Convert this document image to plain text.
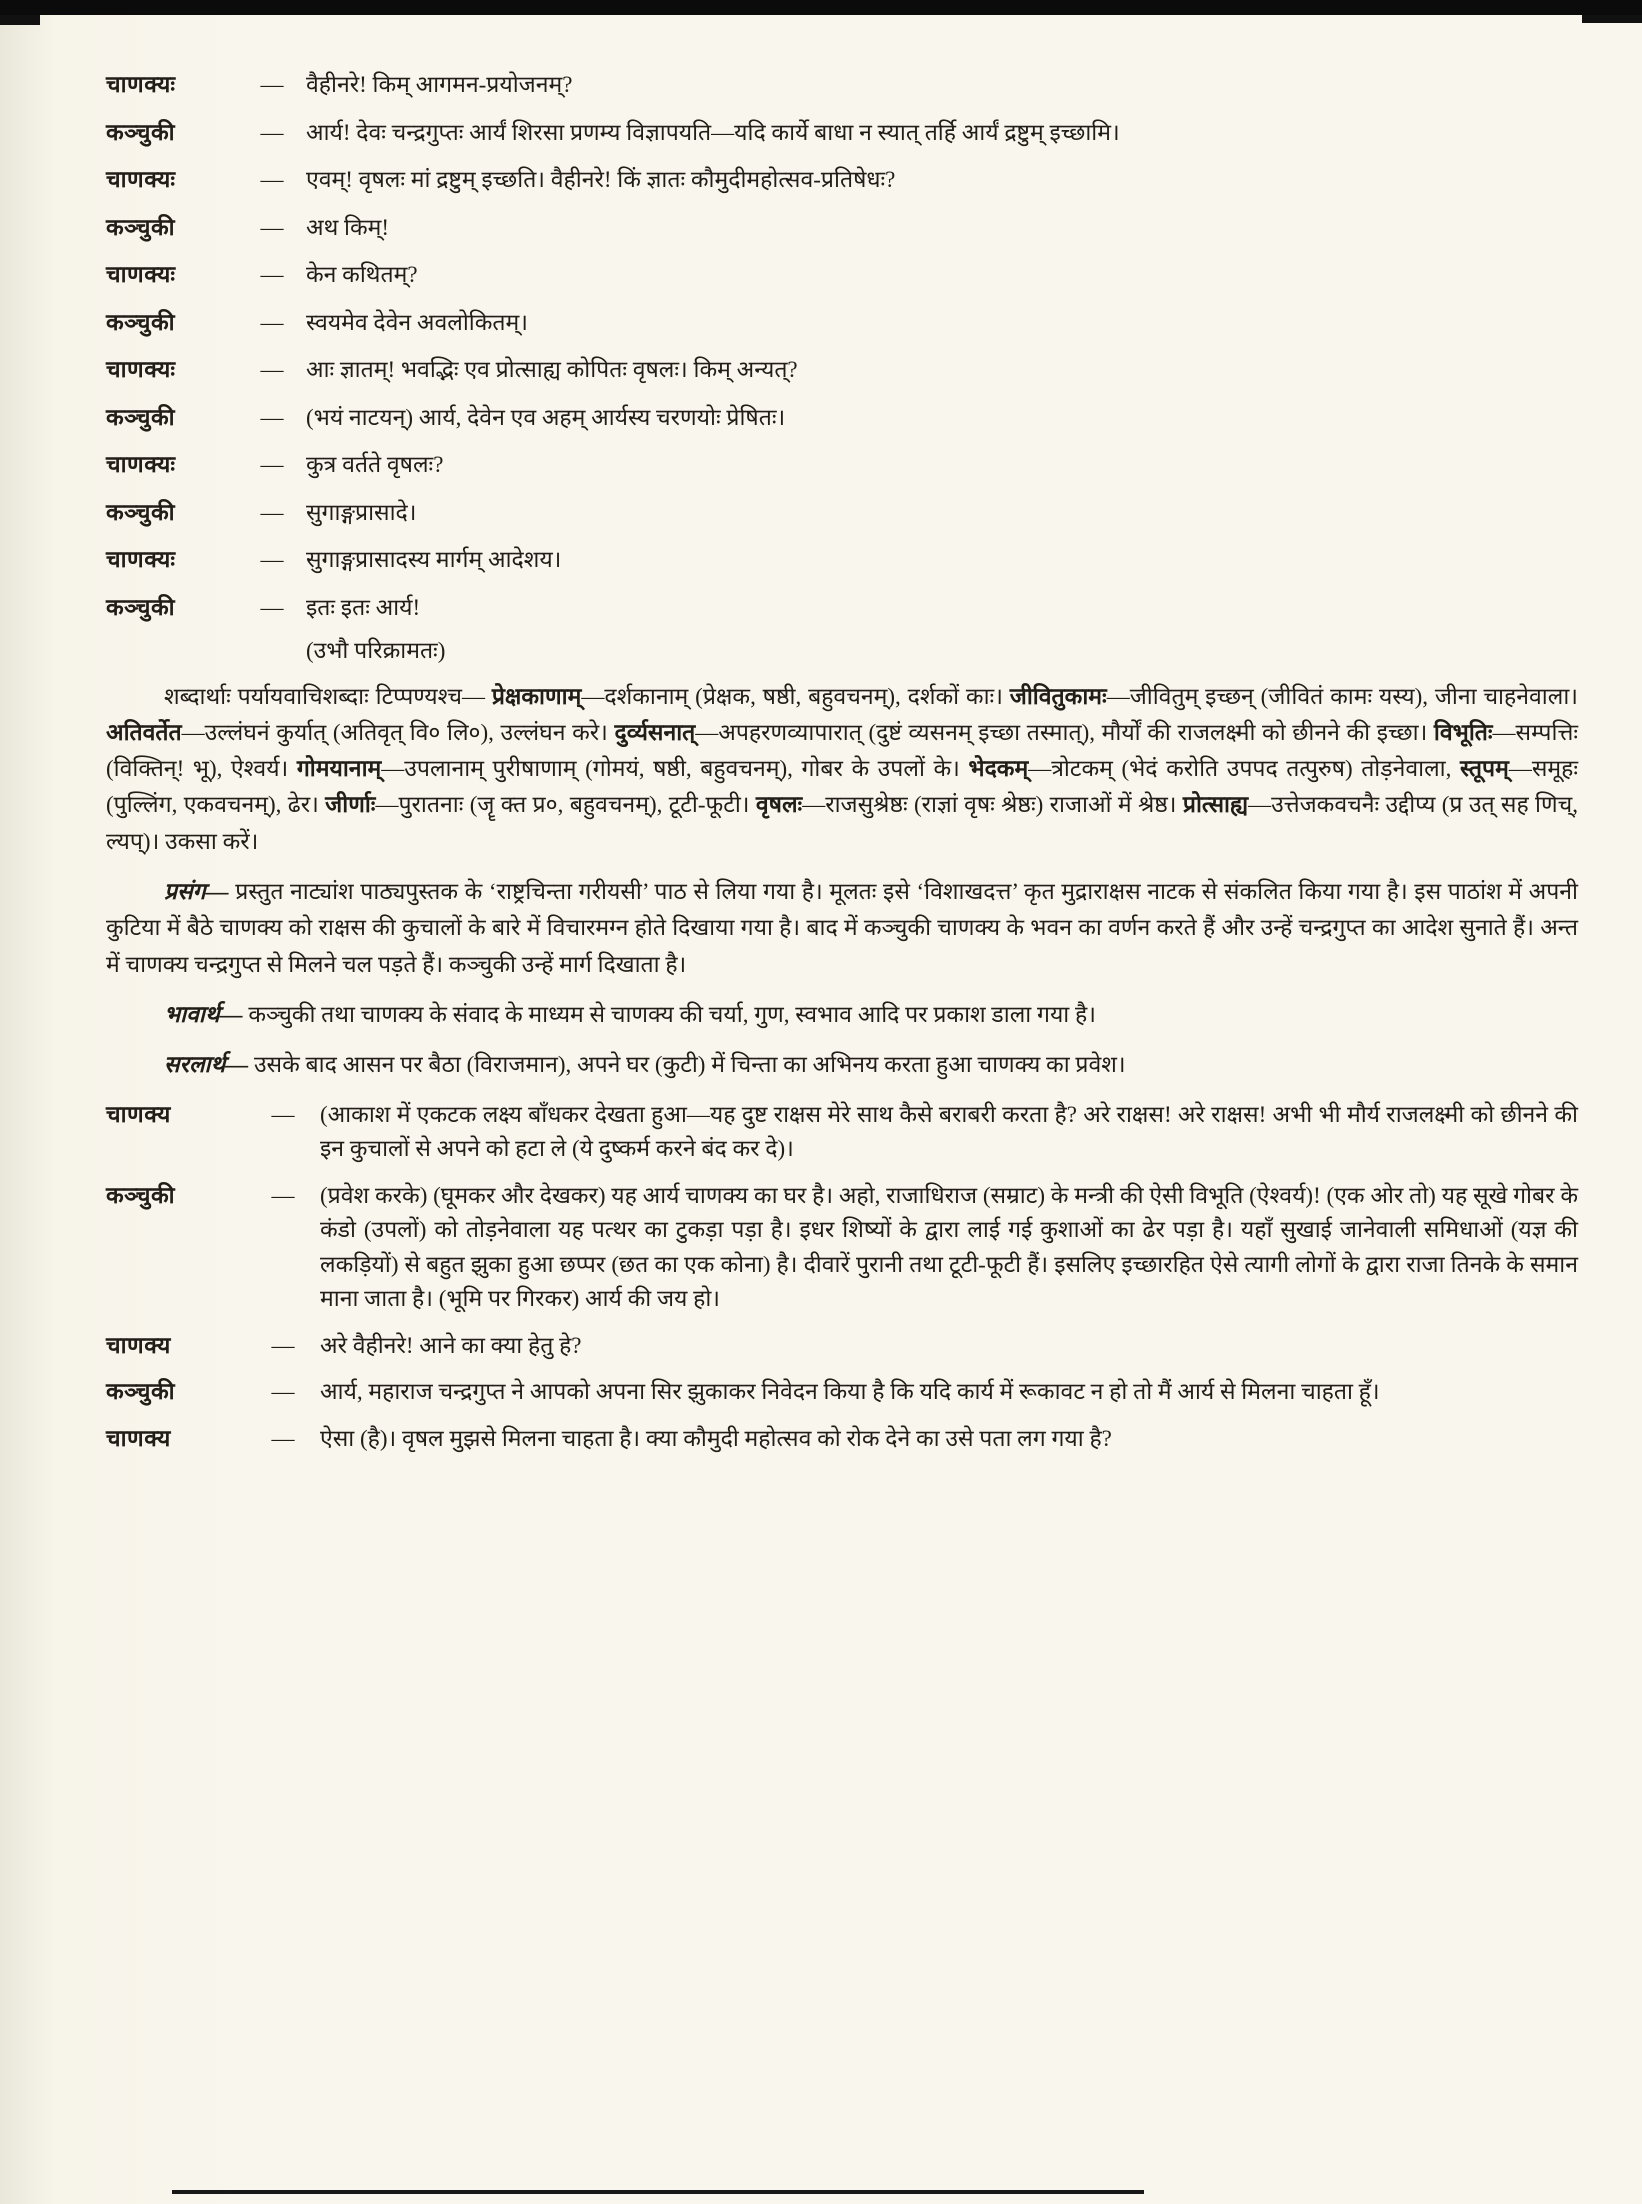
चाणक्यः	— वैहीनरे! किम् आगमन-प्रयोजनम्?
कञ्चुकी	— आर्य! देवः चन्द्रगुप्तः आर्यं शिरसा प्रणम्य विज्ञापयति—यदि कार्ये बाधा न स्यात् तर्हि आर्यं द्रष्टुम् इच्छामि।
चाणक्यः	— एवम्! वृषलः मां द्रष्टुम् इच्छति। वैहीनरे! किं ज्ञातः कौमुदीमहोत्सव-प्रतिषेधः?
कञ्चुकी	— अथ किम्!
चाणक्यः	— केन कथितम्?
कञ्चुकी	— स्वयमेव देवेन अवलोकितम्।
चाणक्यः	— आः ज्ञातम्! भवद्भिः एव प्रोत्साह्य कोपितः वृषलः। किम् अन्यत्?
कञ्चुकी	— (भयं नाटयन्) आर्य, देवेन एव अहम् आर्यस्य चरणयोः प्रेषितः।
चाणक्यः	— कुत्र वर्तते वृषलः?
कञ्चुकी	— सुगाङ्गप्रासादे।
चाणक्यः	— सुगाङ्गप्रासादस्य मार्गम् आदेशय।
कञ्चुकी	— इतः इतः आर्य!
(उभौ परिक्रामतः)

शब्दार्थाः पर्यायवाचिशब्दाः टिप्पण्यश्च— प्रेक्षकाणाम्—दर्शकानाम् (प्रेक्षक, षष्ठी, बहुवचनम्), दर्शकों काः। जीवितुकामः—जीवितुम् इच्छन् (जीवितं कामः यस्य), जीना चाहनेवाला। अतिवर्तेत—उल्लंघनं कुर्यात् (अतिवृत् वि० लि०), उल्लंघन करे। दुर्व्यसनात्—अपहरणव्यापारात् (दुष्टं व्यसनम् इच्छा तस्मात्), मौर्यों की राजलक्ष्मी को छीनने की इच्छा। विभूतिः—सम्पत्तिः (विक्तिन्! भू), ऐश्वर्य। गोमयानाम्—उपलानाम् पुरीषाणाम् (गोमयं, षष्ठी, बहुवचनम्), गोबर के उपलों के। भेदकम्—त्रोटकम् (भेदं करोति उपपद तत्पुरुष) तोड़नेवाला, स्तूपम्—समूहः (पुल्लिंग, एकवचनम्), ढेर। जीर्णाः—पुरातनाः (जॄ क्त प्र०, बहुवचनम्), टूटी-फूटी। वृषलः—राजसुश्रेष्ठः (राज्ञां वृषः श्रेष्ठः) राजाओं में श्रेष्ठ। प्रोत्साह्य—उत्तेजकवचनैः उद्दीप्य (प्र उत् सह णिच्, ल्यप्)। उकसा करें।

प्रसंग— प्रस्तुत नाट्यांश पाठ्यपुस्तक के ‘राष्ट्रचिन्ता गरीयसी’ पाठ से लिया गया है। मूलतः इसे ‘विशाखदत्त’ कृत मुद्राराक्षस नाटक से संकलित किया गया है। इस पाठांश में अपनी कुटिया में बैठे चाणक्य को राक्षस की कुचालों के बारे में विचारमग्न होते दिखाया गया है। बाद में कञ्चुकी चाणक्य के भवन का वर्णन करते हैं और उन्हें चन्द्रगुप्त का आदेश सुनाते हैं। अन्त में चाणक्य चन्द्रगुप्त से मिलने चल पड़ते हैं। कञ्चुकी उन्हें मार्ग दिखाता है।

भावार्थ— कञ्चुकी तथा चाणक्य के संवाद के माध्यम से चाणक्य की चर्या, गुण, स्वभाव आदि पर प्रकाश डाला गया है।

सरलार्थ— उसके बाद आसन पर बैठा (विराजमान), अपने घर (कुटी) में चिन्ता का अभिनय करता हुआ चाणक्य का प्रवेश।

चाणक्य	—	(आकाश में एकटक लक्ष्य बाँधकर देखता हुआ—यह दुष्ट राक्षस मेरे साथ कैसे बराबरी करता है? अरे राक्षस! अरे राक्षस! अभी भी मौर्य राजलक्ष्मी को छीनने की इन कुचालों से अपने को हटा ले (ये दुष्कर्म करने बंद कर दे)।
कञ्चुकी	—	(प्रवेश करके) (घूमकर और देखकर) यह आर्य चाणक्य का घर है। अहो, राजाधिराज (सम्राट) के मन्त्री की ऐसी विभूति (ऐश्वर्य)! (एक ओर तो) यह सूखे गोबर के कंडो (उपलों) को तोड़नेवाला यह पत्थर का टुकड़ा पड़ा है। इधर शिष्यों के द्वारा लाई गई कुशाओं का ढेर पड़ा है। यहाँ सुखाई जानेवाली समिधाओं (यज्ञ की लकड़ियों) से बहुत झुका हुआ छप्पर (छत का एक कोना) है। दीवारें पुरानी तथा टूटी-फूटी हैं। इसलिए इच्छारहित ऐसे त्यागी लोगों के द्वारा राजा तिनके के समान माना जाता है। (भूमि पर गिरकर) आर्य की जय हो।
चाणक्य	—	अरे वैहीनरे! आने का क्या हेतु हे?
कञ्चुकी	—	आर्य, महाराज चन्द्रगुप्त ने आपको अपना सिर झुकाकर निवेदन किया है कि यदि कार्य में रूकावट न हो तो मैं आर्य से मिलना चाहता हूँ।
चाणक्य	—	ऐसा (है)। वृषल मुझसे मिलना चाहता है। क्या कौमुदी महोत्सव को रोक देने का उसे पता लग गया है?
